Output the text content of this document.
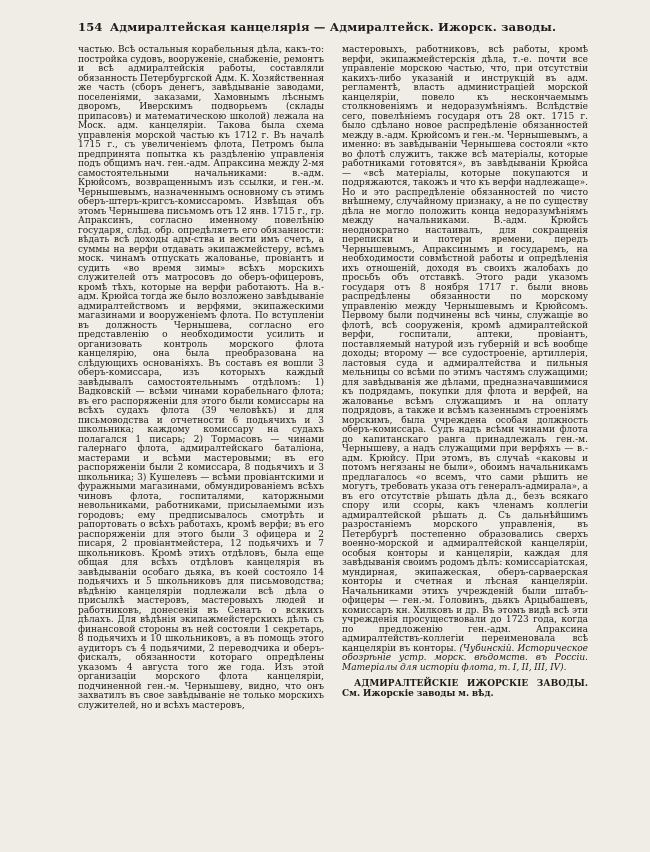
154 Адмиралтейская канцелярія — Адмиралтейск. Ижорск. заводы.

частью. Всѣ остальныя корабельныя дѣла, какъ-то: постройка судовъ, вооруженіе, снабженіе, ремонтъ и всѣ адмиралтейскія работы, составляли обязанность Петербургской Адм. К. Хозяйственная же часть (сборъ денегъ, завѣдываніе заводами, поселеніями, заказами, Хамовнымъ лѣснымъ дворомъ, Иверскимъ подворьемъ (склады припасовъ) и математическою школой) лежала на Моск. адм. канцеляріи. Такова была схема управленія морской частью къ 1712 г. Въ началѣ 1715 г., съ увеличеніемъ флота, Петромъ была предпринята попытка къ раздѣленію управленія подъ общимъ нач. ген.-адм. Апраксина между 2-мя самостоятельными начальниками: в.-адм. Крюйсомъ, возвращеннымъ изъ ссылки, и ген.-м. Чернышевымъ, назначеннымъ основному съ этимъ оберъ-штеръ-кригсъ-комиссаромъ. Извѣщая объ этомъ Чернышева письмомъ отъ 12 янв. 1715 г., гр. Апраксинъ, согласно именному повелѣнію государя, слѣд. обр. опредѣляетъ его обязанности: вѣдать всѣ доходы адм-ства и вести имъ счетъ, а суммы на верфи отдавать экипажмейстеру, всѣмъ моск. чинамъ отпускать жалованье, провіантъ и судить «во время зимы» всѣхъ морскихъ служителей отъ матросовъ до оберъ-офицеровъ, кромѣ тѣхъ, которые на верфи работаютъ. На в.-адм. Крюйса тогда же было возложено завѣдываніе адмиралтействомъ и верфями, экипажескими магазинами и вооруженіемъ флота. По вступленіи въ должность Чернышева, согласно его представленію о необходимости усилить и организовать контроль морского флота канцелярію, она была преобразована на слѣдующихъ основаніяхъ. Въ составъ ея вошли 3 оберъ-комиссара, изъ которыхъ каждый завѣдывалъ самостоятельнымъ отдѣломъ: 1) Вадковскій — всѣми чинами корабельнаго флота; въ его распоряженіи для этого были комиссары на всѣхъ судахъ флота (39 человѣкъ) и для письмоводства и отчетности 6 подьячихъ и 3 школьника; каждому комиссару на судахъ полагался 1 писарь; 2) Тормасовъ — чинами галернаго флота, адмиралтейскаго баталіона, мастерами и всѣми мастеровыми; въ его распоряженіи были 2 комиссара, 8 подьячихъ и 3 школьника; 3) Кушелевъ — всѣми провіантскими и фуражными магазинами, обмундированіемъ всѣхъ чиновъ флота, госпиталями, каторжными невольниками, работниками, присылаемыми изъ городовъ; ему предписывалось смотрѣть и рапортовать о всѣхъ работахъ, кромѣ верфи; въ его распоряженіи для этого были 3 офицера и 2 писаря, 2 провіантмейстера, 12 подьячихъ и 7 школьниковъ. Кромѣ этихъ отдѣловъ, была еще общая для всѣхъ отдѣловъ канцелярія въ завѣдываніи особаго дьяка, въ коей состояло 14 подьячихъ и 5 школьниковъ для письмоводства; вѣдѣнію канцеляріи подлежали всѣ дѣла о присылкѣ мастеровъ, мастеровыхъ людей и работниковъ, донесенія въ Сенатъ о всякихъ дѣлахъ. Для вѣдѣнія экипажмейстерскихъ дѣлъ съ финансовой стороны въ ней состояли 1 секретарь, 8 подьячихъ и 10 школьниковъ, а въ помощь этого аудиторъ съ 4 подьячими, 2 переводчика и оберъ-фискалъ, обязанности котораго опредѣлены указомъ 4 августа того же года. Изъ этой организаціи морского флота канцеляріи, подчиненной ген.-м. Чернышеву, видно, что онъ захватилъ въ свое завѣдываніе не только морскихъ служителей, но и всѣхъ мастеровъ,

мастеровыхъ, работниковъ, всѣ работы, кромѣ верфи, экипажмейстерскія дѣла, т.-е. почти все управленіе морскою частью, что, при отсутствіи какихъ-либо указаній и инструкцій въ адм. регламентѣ, власть администраціей морской канцеляріи, повело къ нескончаемымъ столкновеніямъ и недоразумѣніямъ. Вслѣдствіе сего, повелѣніемъ государя отъ 28 окт. 1715 г. было сдѣлано новое распредѣленіе обязанностей между в.-адм. Крюйсомъ и ген.-м. Чернышевымъ, а именно: въ завѣдываніи Чернышева состояли «кто во флотѣ служитъ, также всѣ матеріалы, которые работниками готовятся», въ завѣдываніи Крюйса — «всѣ матеріалы, которые покупаются и подряжаются, такожъ и что къ верфи надлежаще». Но и это распредѣленіе обязанностей по чисто внѣшнему, случайному признаку, а не по существу дѣла не могло положить конца недоразумѣніямъ между начальниками. В.-адм. Крюйсъ неоднократно настаивалъ, для сокращенія переписки и потери времени, передъ Чернышевымъ, Апраксинымъ и государемъ, на необходимости совмѣстной работы и опредѣленія ихъ отношеній, доходя въ своихъ жалобахъ до просьбъ объ отставкѣ. Этого ради указомъ государя отъ 8 ноября 1717 г. были вновь распредѣлены обязанности по морскому управленію между Чернышевымъ и Крюйсомъ. Первому были подчинены всѣ чины, служащіе во флотѣ, всѣ сооруженія, кромѣ адмиралтейской верфи, госпитали, аптеки, провіантъ, поставляемый натурой изъ губерній и всѣ вообще доходы; второму — все судостроеніе, артиллерія, ластовыя суда и адмиралтейства и пильныя мельницы со всѣми по этимъ частямъ служащими; для завѣдыванія же дѣлами, предназначавшимися къ подрядамъ, покупки для флота и верфей, на жалованье всѣмъ служащимъ и на оплату подрядовъ, а также и всѣмъ казеннымъ строеніямъ морскимъ, была учреждена особая должность оберъ-комиссара. Судъ надъ всѣми чинами флота до капитанскаго ранга принадлежалъ ген.-м. Чернышеву, а надъ служащими при верфяхъ — в.-адм. Крюйсу. При этомъ, въ случаѣ «каковы и потомъ негязаны не были», обоимъ начальникамъ предлагалось «о всемъ, что сами рѣшить не могутъ, требовать указа отъ генералъ-адмирала», а въ его отсутствіе рѣшать дѣла д., безъ всякаго спору или ссоры, какъ членамъ коллегіи адмиралтейской рѣшать д. Съ дальнѣйшимъ разростаніемъ морского управленія, въ Петербургѣ постепенно образовались сверхъ военно-морской и адмиралтейской канцеляріи, особыя конторы и канцеляріи, каждая для завѣдыванія своимъ родомъ дѣлъ: комиссаріатская, мундирная, экипажеская, оберъ-сарваерская конторы и счетная и лѣсная канцеляріи. Начальниками этихъ учрежденій были штабъ-офицеры — ген.-м. Головинъ, дьякъ Арцыбашевъ, комиссаръ кн. Хилковъ и др. Въ этомъ видѣ всѣ эти учрежденія просуществовали до 1723 года, когда по предложенію ген.-адм. Апраксина адмиралтействъ-коллегіи переименовала всѣ канцеляріи въ конторы. (Чубинскій. Историческое обозрѣніе устр. морск. вѣдомств. въ Россіи. Матеріалы для исторіи флота, т. I, II, III, IV).

АДМИРАЛТЕЙСКІЕ ИЖОРСКІЕ ЗАВОДЫ. См. Ижорскіе заводы м. вѣд.
